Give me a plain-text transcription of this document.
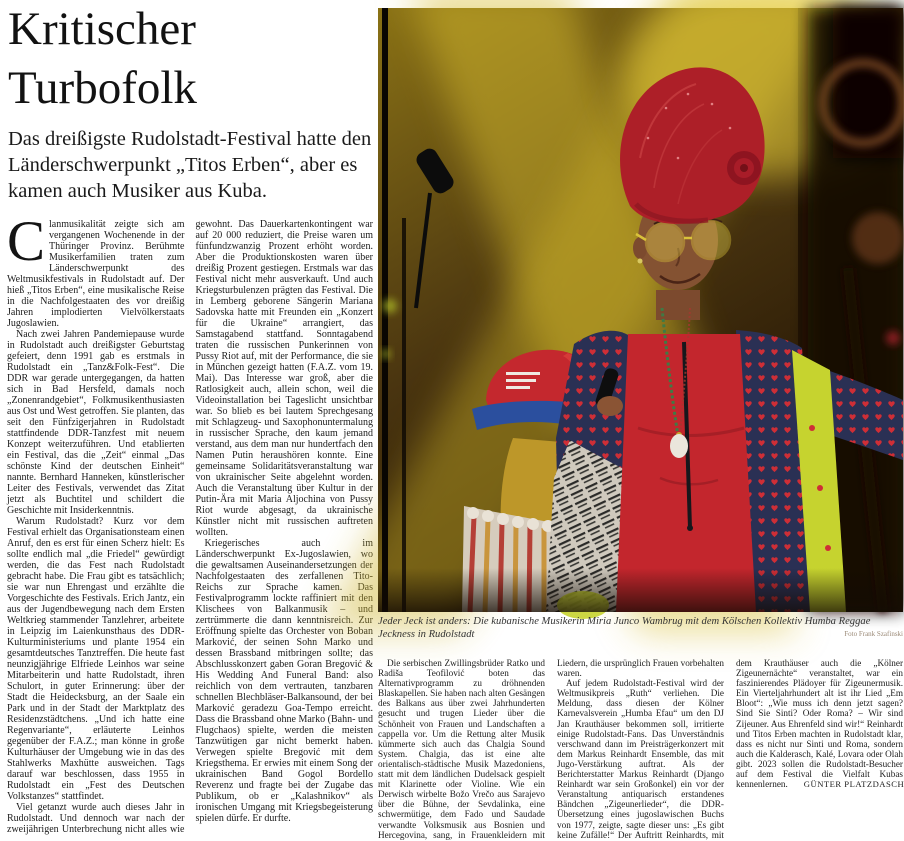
Kritischer
Turbofolk
Das dreißigste Rudolstadt-Festival hatte den Länderschwerpunkt „Titos Erben“, aber es kamen auch Musiker aus Kuba.

Clanmusikalität zeigte sich am vergangenen Wochenende in der Thüringer Provinz. Berühmte Musikerfamilien traten zum Länderschwerpunkt des Weltmusikfestivals in Rudolstadt auf. Der hieß „Titos Erben“, eine musikalische Reise in die Nachfolgestaaten des vor dreißig Jahren implodierten Vielvölkerstaats Jugoslawien.

Nach zwei Jahren Pandemiepause wurde in Rudolstadt auch dreißigster Geburtstag gefeiert, denn 1991 gab es erstmals in Rudolstadt ein „Tanz&Folk-Fest“. Die DDR war gerade untergegangen, da hatten sich in Bad Hersfeld, damals noch „Zonenrandgebiet“, Folkmusikenthusiasten aus Ost und West getroffen. Sie planten, das seit den Fünfzigerjahren in Rudolstadt stattfindende DDR-Tanzfest mit neuem Konzept weiterzuführen. Und etablierten ein Festival, das die „Zeit“ einmal „Das schönste Kind der deutschen Einheit“ nannte. Bernhard Hanneken, künstlerischer Leiter des Festivals, verwendet das Zitat jetzt als Buchtitel und schildert die Geschichte mit Insiderkenntnis.

Warum Rudolstadt? Kurz vor dem Festival erhielt das Organisationsteam einen Anruf, den es erst für einen Scherz hielt: Es sollte endlich mal „die Friedel“ gewürdigt werden, die das Fest nach Rudolstadt gebracht habe. Die Frau gibt es tatsächlich; sie war nun Ehrengast und erzählte die Vorgeschichte des Festivals. Erich Jantz, ein aus der Jugendbewegung nach dem Ersten Weltkrieg stammender Tanzlehrer, arbeitete in Leipzig im Laienkunsthaus des DDR-Kulturministeriums und plante 1954 ein gesamtdeutsches Tanztreffen. Die heute fast neunzigjährige Elfriede Leinhos war seine Mitarbeiterin und hatte Rudolstadt, ihren Schulort, in guter Erinnerung: über der Stadt die Heidecksburg, an der Saale ein Park und in der Stadt der Marktplatz des Residenzstädtchens. „Und ich hatte eine Regenvariante“, erläuterte Leinhos gegenüber der F.A.Z.; man könne in große Kulturhäuser der Umgebung wie in das des Stahlwerks Maxhütte ausweichen. Tags darauf war beschlossen, dass 1955 in Rudolstadt ein „Fest des Deutschen Volkstanzes“ stattfindet.

Viel getanzt wurde auch dieses Jahr in Rudolstadt. Und dennoch war nach der zweijährigen Unterbrechung nicht alles wie gewohnt. Das Dauerkartenkontingent war auf 20 000 reduziert, die Preise waren um fünfundzwanzig Prozent erhöht worden. Aber die Produktionskosten waren über dreißig Prozent gestiegen. Erstmals war das Festival nicht mehr ausverkauft. Und auch Kriegsturbulenzen prägten das Festival. Die in Lemberg geborene Sängerin Mariana Sadovska hatte mit Freunden ein „Konzert für die Ukraine“ arrangiert, das Samstagabend stattfand. Sonntagabend traten die russischen Punkerinnen von Pussy Riot auf, mit der Performance, die sie in München gezeigt hatten (F.A.Z. vom 19. Mai). Das Interesse war groß, aber die Ratlosigkeit auch, allein schon, weil die Videoinstallation bei Tageslicht unsichtbar war. So blieb es bei lautem Sprechgesang mit Schlagzeug- und Saxophonuntermalung in russischer Sprache, den kaum jemand verstand, aus dem man nur hundertfach den Namen Putin heraushören konnte. Eine gemeinsame Solidaritätsveranstaltung war von ukrainischer Seite abgelehnt worden. Auch die Veranstaltung über Kultur in der Putin-Ära mit Maria Aljochina von Pussy Riot wurde abgesagt, da ukrainische Künstler nicht mit russischen auftreten wollten.

Kriegerisches auch im Länderschwerpunkt Ex-Jugoslawien, wo die gewaltsamen Auseinandersetzungen der Nachfolgestaaten des zerfallenen Tito-Reichs zur Sprache kamen. Das Festivalprogramm lockte raffiniert mit den Klischees von Balkanmusik – und zertrümmerte die dann kenntnisreich. Zur Eröffnung spielte das Orchester von Boban Marković, der seinen Sohn Marko und dessen Brassband mitbringen sollte; das Abschlusskonzert gaben Goran Bregović & His Wedding And Funeral Band: also reichlich von dem vertrauten, tanzbaren schnellen Blechbläser-Balkansound, der bei Marković geradezu Goa-Tempo erreicht. Dass die Brassband ohne Marko (Bahn- und Flugchaos) spielte, werden die meisten Tanzwütigen gar nicht bemerkt haben. Verwegen spielte Bregović mit dem Kriegsthema. Er erwies mit einem Song der ukrainischen Band Gogol Bordello Reverenz und fragte bei der Zugabe das Publikum, ob er „Kalashnikov“ als ironischen Umgang mit Kriegsbegeisterung spielen dürfe. Er durfte.

Jeder Jeck ist anders: Die kubanische Musikerin Miria Junco Wambrug mit dem Kölschen Kollektiv Humba Reggae Jeckness in Rudolstadt	Foto Frank Szafinski

Die serbischen Zwillingsbrüder Ratko und Radiša Teofilović boten das Alternativprogramm zu dröhnenden Blaskapellen. Sie haben nach alten Gesängen des Balkans aus über zwei Jahrhunderten gesucht und trugen Lieder über die Schönheit von Frauen und Landschaften a cappella vor. Um die Rettung alter Musik kümmerte sich auch das Chalgia Sound System. Chalgia, das ist eine alte orientalisch-städtische Musik Mazedoniens, statt mit dem ländlichen Dudelsack gespielt mit Klarinette oder Violine. Wie ein Derwisch wirbelte Božo Vrečo aus Sarajevo über die Bühne, der Sevdalinka, eine schwermütige, dem Fado und Saudade verwandte Volksmusik aus Bosnien und Hercegovina, sang, in Frauenkleidern mit Liedern, die ursprünglich Frauen vorbehalten waren.

Auf jedem Rudolstadt-Festival wird der Weltmusikpreis „Ruth“ verliehen. Die Meldung, dass diesen der Kölner Karnevalsverein „Humba Efau“ um den DJ Jan Krauthäuser bekommen soll, irritierte einige Rudolstadt-Fans. Das Unverständnis verschwand dann im Preisträgerkonzert mit dem Markus Reinhardt Ensemble, das mit Jugo-Verstärkung auftrat. Als der Berichterstatter Markus Reinhardt (Django Reinhardt war sein Großonkel) ein vor der Veranstaltung antiquarisch erstandenes Bändchen „Zigeunerlieder“, die DDR-Übersetzung eines jugoslawischen Buchs von 1977, zeigte, sagte dieser uns: „Es gibt keine Zufälle!“ Der Auftritt Reinhardts, mit dem Krauthäuser auch die „Kölner Zigeunernächte“ veranstaltet, war ein faszinierendes Plädoyer für Zigeunermusik. Ein Vierteljahrhundert alt ist ihr Lied „Em Bloot“: „Wie muss ich denn jetzt sagen? Sind Sie Sinti? Oder Roma? – Wir sind Zijeuner. Aus Ehrenfeld sind wir!“ Reinhardt und Titos Erben machten in Rudolstadt klar, dass es nicht nur Sinti und Roma, sondern auch die Kalderasch, Kalé, Lovara oder Olah gibt. 2023 sollen die Rudolstadt-Besucher auf dem Festival die Vielfalt Kubas kennenlernen. GÜNTER PLATZDASCH
